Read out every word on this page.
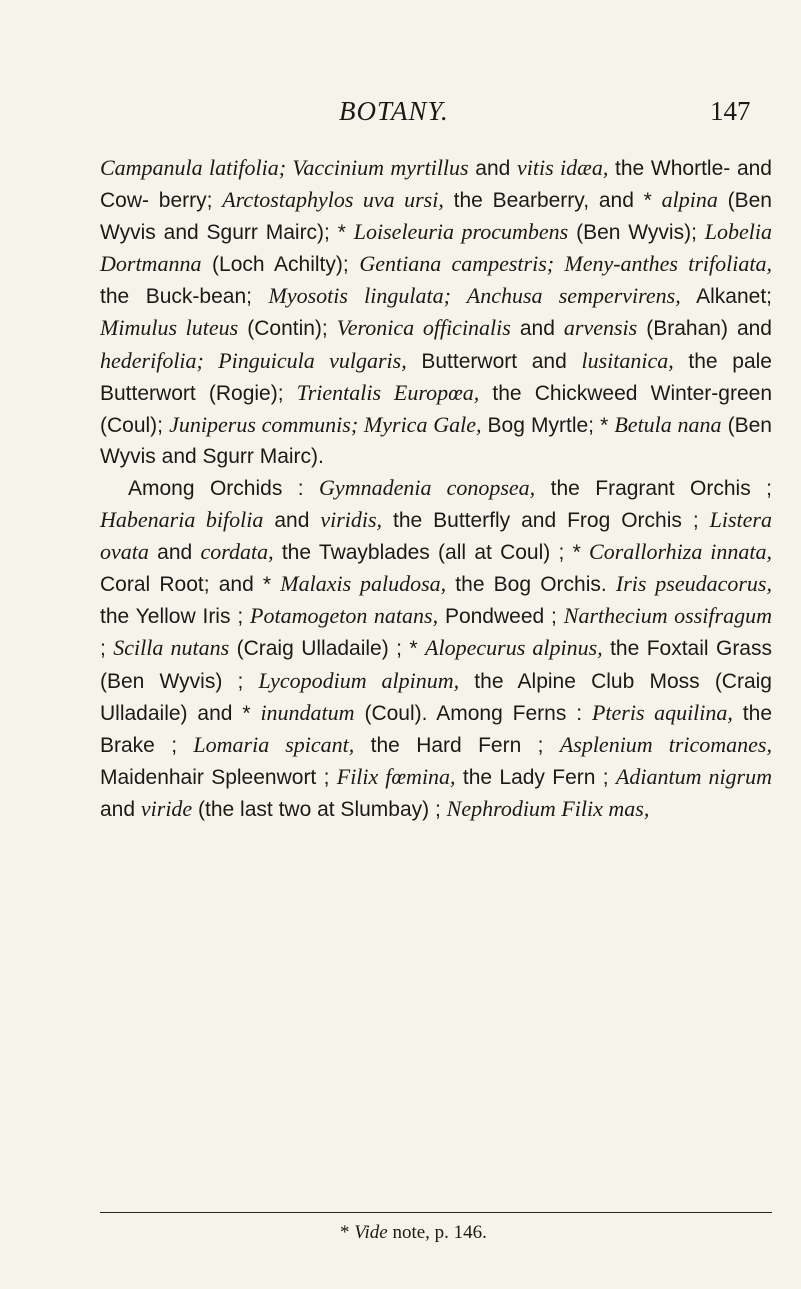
BOTANY.	147

Campanula latifolia; Vaccinium myrtillus and vitis idæa, the Whortle- and Cow- berry; Arctostaphylos uva ursi, the Bearberry, and * alpina (Ben Wyvis and Sgurr Mairc); * Loiseleuria procumbens (Ben Wyvis); Lobelia Dortmanna (Loch Achilty); Gentiana campestris; Meny-anthes trifoliata, the Buck-bean; Myosotis lingulata; Anchusa sempervirens, Alkanet; Mimulus luteus (Contin); Veronica officinalis and arvensis (Brahan) and hederifolia; Pinguicula vulgaris, Butterwort and lusitanica, the pale Butterwort (Rogie); Trientalis Europœa, the Chickweed Winter-green (Coul); Juniperus communis; Myrica Gale, Bog Myrtle; * Betula nana (Ben Wyvis and Sgurr Mairc).

Among Orchids : Gymnadenia conopsea, the Fragrant Orchis ; Habenaria bifolia and viridis, the Butterfly and Frog Orchis ; Listera ovata and cordata, the Twayblades (all at Coul) ; * Corallorhiza innata, Coral Root; and * Malaxis paludosa, the Bog Orchis. Iris pseudacorus, the Yellow Iris ; Potamogeton natans, Pondweed ; Narthecium ossifragum ; Scilla nutans (Craig Ulladaile) ; * Alopecurus alpinus, the Foxtail Grass (Ben Wyvis) ; Lycopodium alpinum, the Alpine Club Moss (Craig Ulladaile) and * inundatum (Coul). Among Ferns : Pteris aquilina, the Brake ; Lomaria spicant, the Hard Fern ; Asplenium tricomanes, Maidenhair Spleenwort ; Filix fœmina, the Lady Fern ; Adiantum nigrum and viride (the last two at Slumbay) ; Nephrodium Filix mas,

* Vide note, p. 146.
